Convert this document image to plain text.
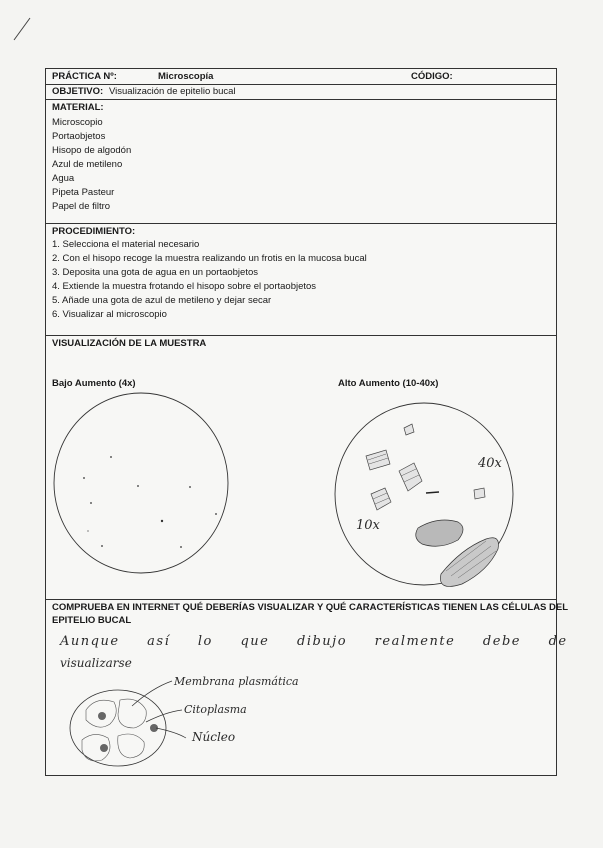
PRÁCTICA Nº:	Microscopía	CÓDIGO:
OBJETIVO: Visualización de epitelio bucal
MATERIAL:
Microscopio
Portaobjetos
Hisopo de algodón
Azul de metileno
Agua
Pipeta Pasteur
Papel de filtro
PROCEDIMIENTO:
1. Selecciona el material necesario
2. Con el hisopo recoge la muestra realizando un frotis en la mucosa bucal
3. Deposita una gota de agua en un portaobjetos
4. Extiende la muestra frotando el hisopo sobre el portaobjetos
5. Añade una gota de azul de metileno y dejar secar
6. Visualizar al microscopio
VISUALIZACIÓN DE LA MUESTRA
Bajo Aumento (4x)	Alto Aumento (10-40x)
40x
10x
COMPRUEBA EN INTERNET QUÉ DEBERÍAS VISUALIZAR Y QUÉ CARACTERÍSTICAS TIENEN LAS CÉLULAS DEL
EPITELIO BUCAL
Aunque así lo que dibujo realmente debe de
visualizarse
Membrana plasmática
Citoplasma
Núcleo
